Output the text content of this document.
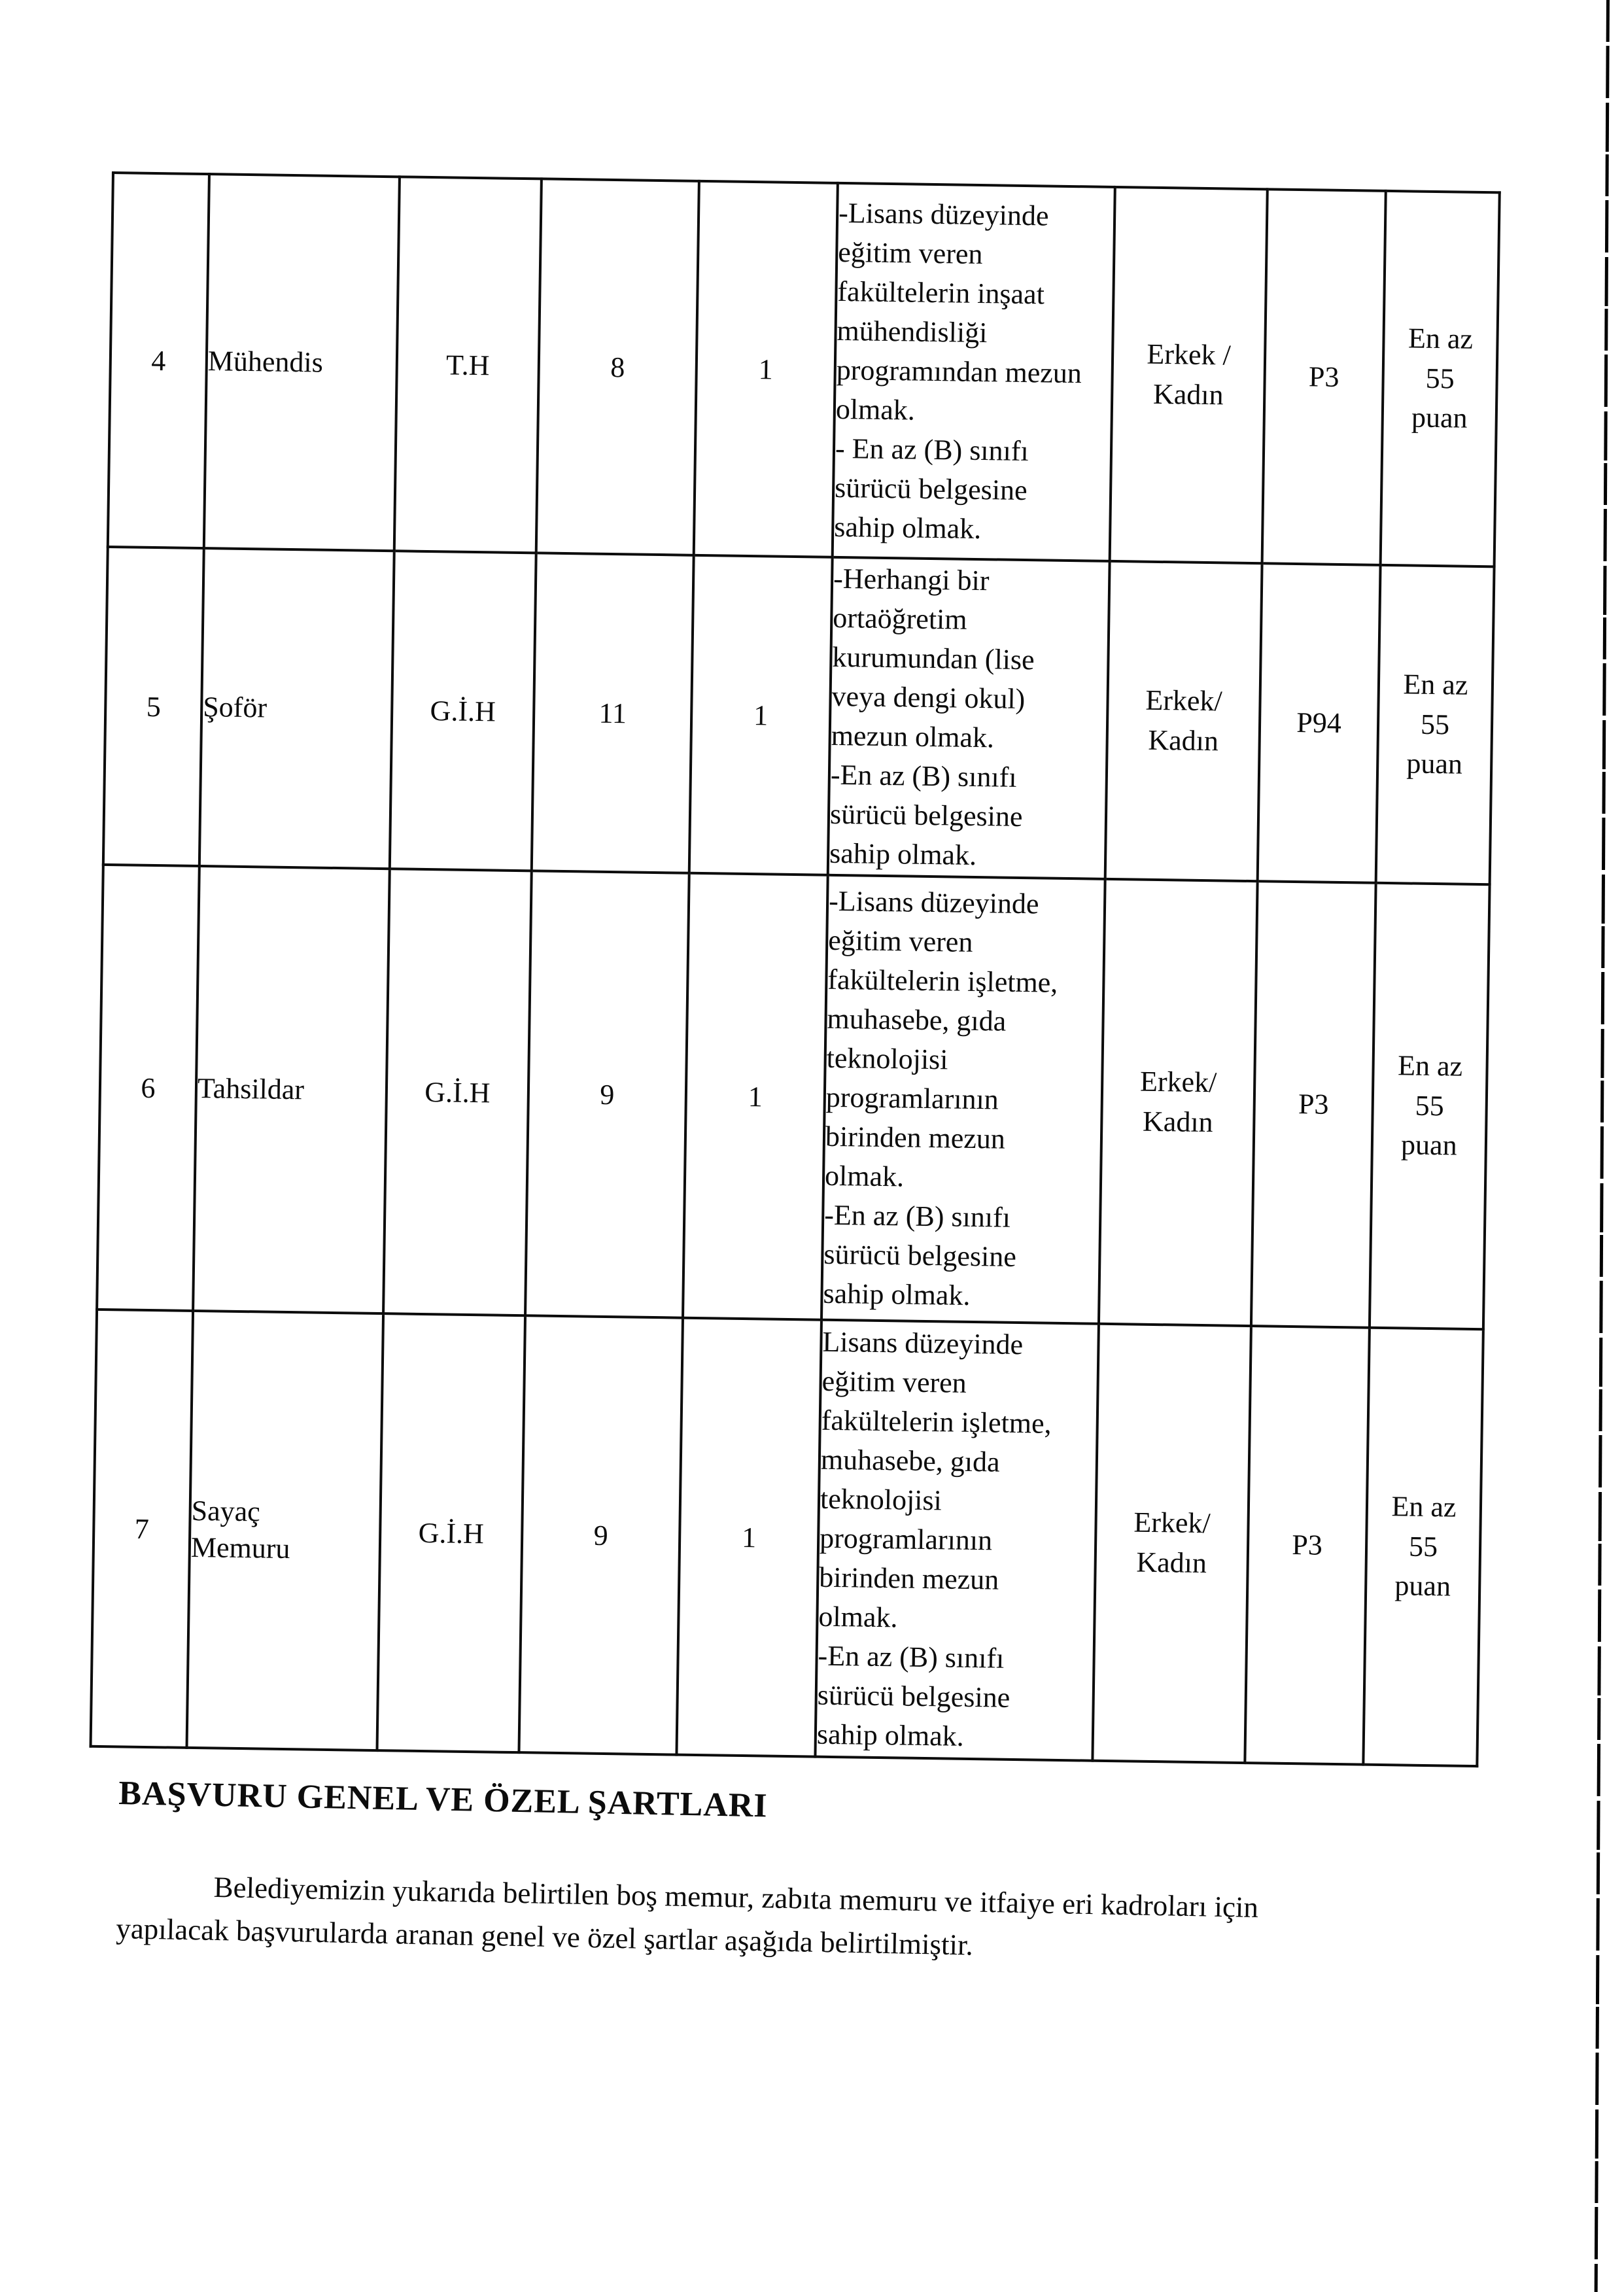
4	Mühendis	T.H	8	1	-Lisans düzeyinde
eğitim veren
fakültelerin inşaat
mühendisliği
programından mezun
olmak.
- En az (B) sınıfı
sürücü belgesine
sahip olmak.	Erkek /
Kadın	P3	En az
55
puan
5	Şoför	G.İ.H	11	1	-Herhangi bir
ortaöğretim
kurumundan (lise
veya dengi okul)
mezun olmak.
-En az (B) sınıfı
sürücü belgesine
sahip olmak.	Erkek/
Kadın	P94	En az
55
puan
6	Tahsildar	G.İ.H	9	1	-Lisans düzeyinde
eğitim veren
fakültelerin işletme,
muhasebe, gıda
teknolojisi
programlarının
birinden mezun
olmak.
-En az (B) sınıfı
sürücü belgesine
sahip olmak.	Erkek/
Kadın	P3	En az
55
puan
7	Sayaç
Memuru	G.İ.H	9	1	Lisans düzeyinde
eğitim veren
fakültelerin işletme,
muhasebe, gıda
teknolojisi
programlarının
birinden mezun
olmak.
-En az (B) sınıfı
sürücü belgesine
sahip olmak.	Erkek/
Kadın	P3	En az
55
puan
BAŞVURU GENEL VE ÖZEL ŞARTLARI

Belediyemizin yukarıda belirtilen boş memur, zabıta memuru ve itfaiye eri kadroları için
yapılacak başvurularda aranan genel ve özel şartlar aşağıda belirtilmiştir.
